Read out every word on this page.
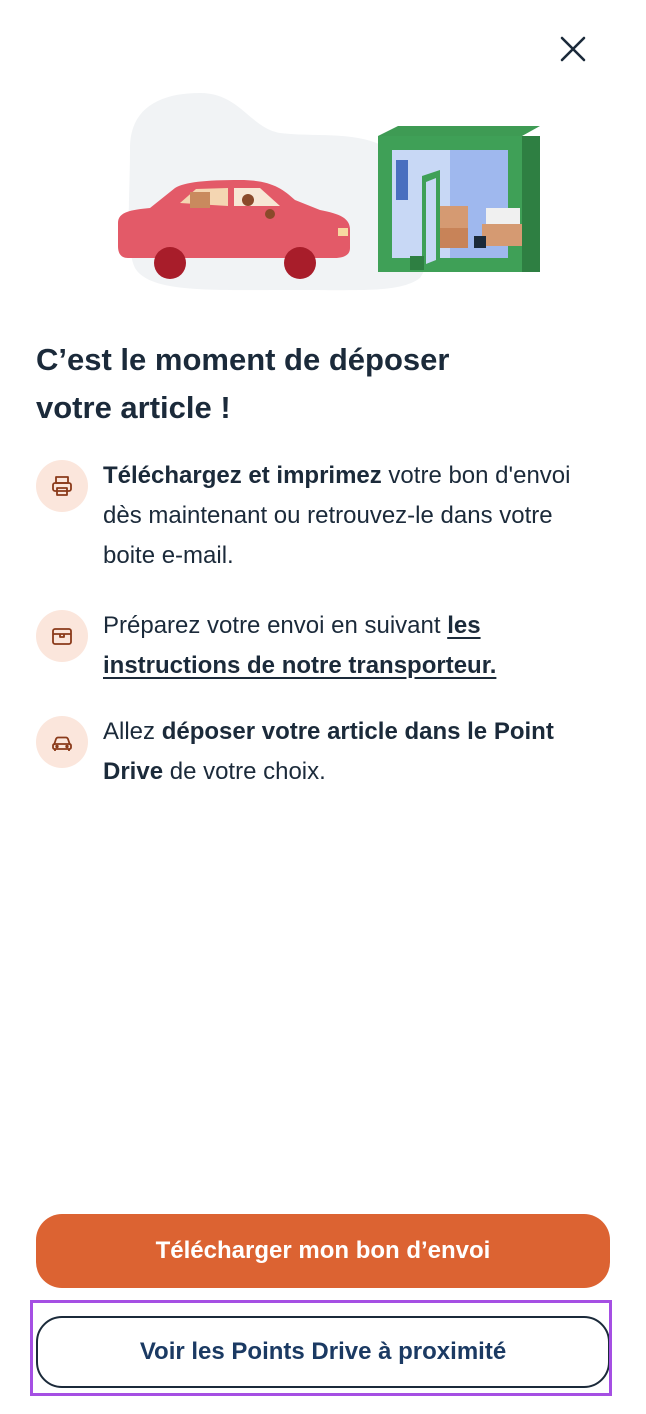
C’est le moment de déposer
votre article !

Téléchargez et imprimez votre bon d'envoi dès maintenant ou retrouvez-le dans votre boite e-mail.

Préparez votre envoi en suivant les instructions de notre transporteur.

Allez déposer votre article dans le Point Drive de votre choix.

Télécharger mon bon d’envoi
Voir les Points Drive à proximité
